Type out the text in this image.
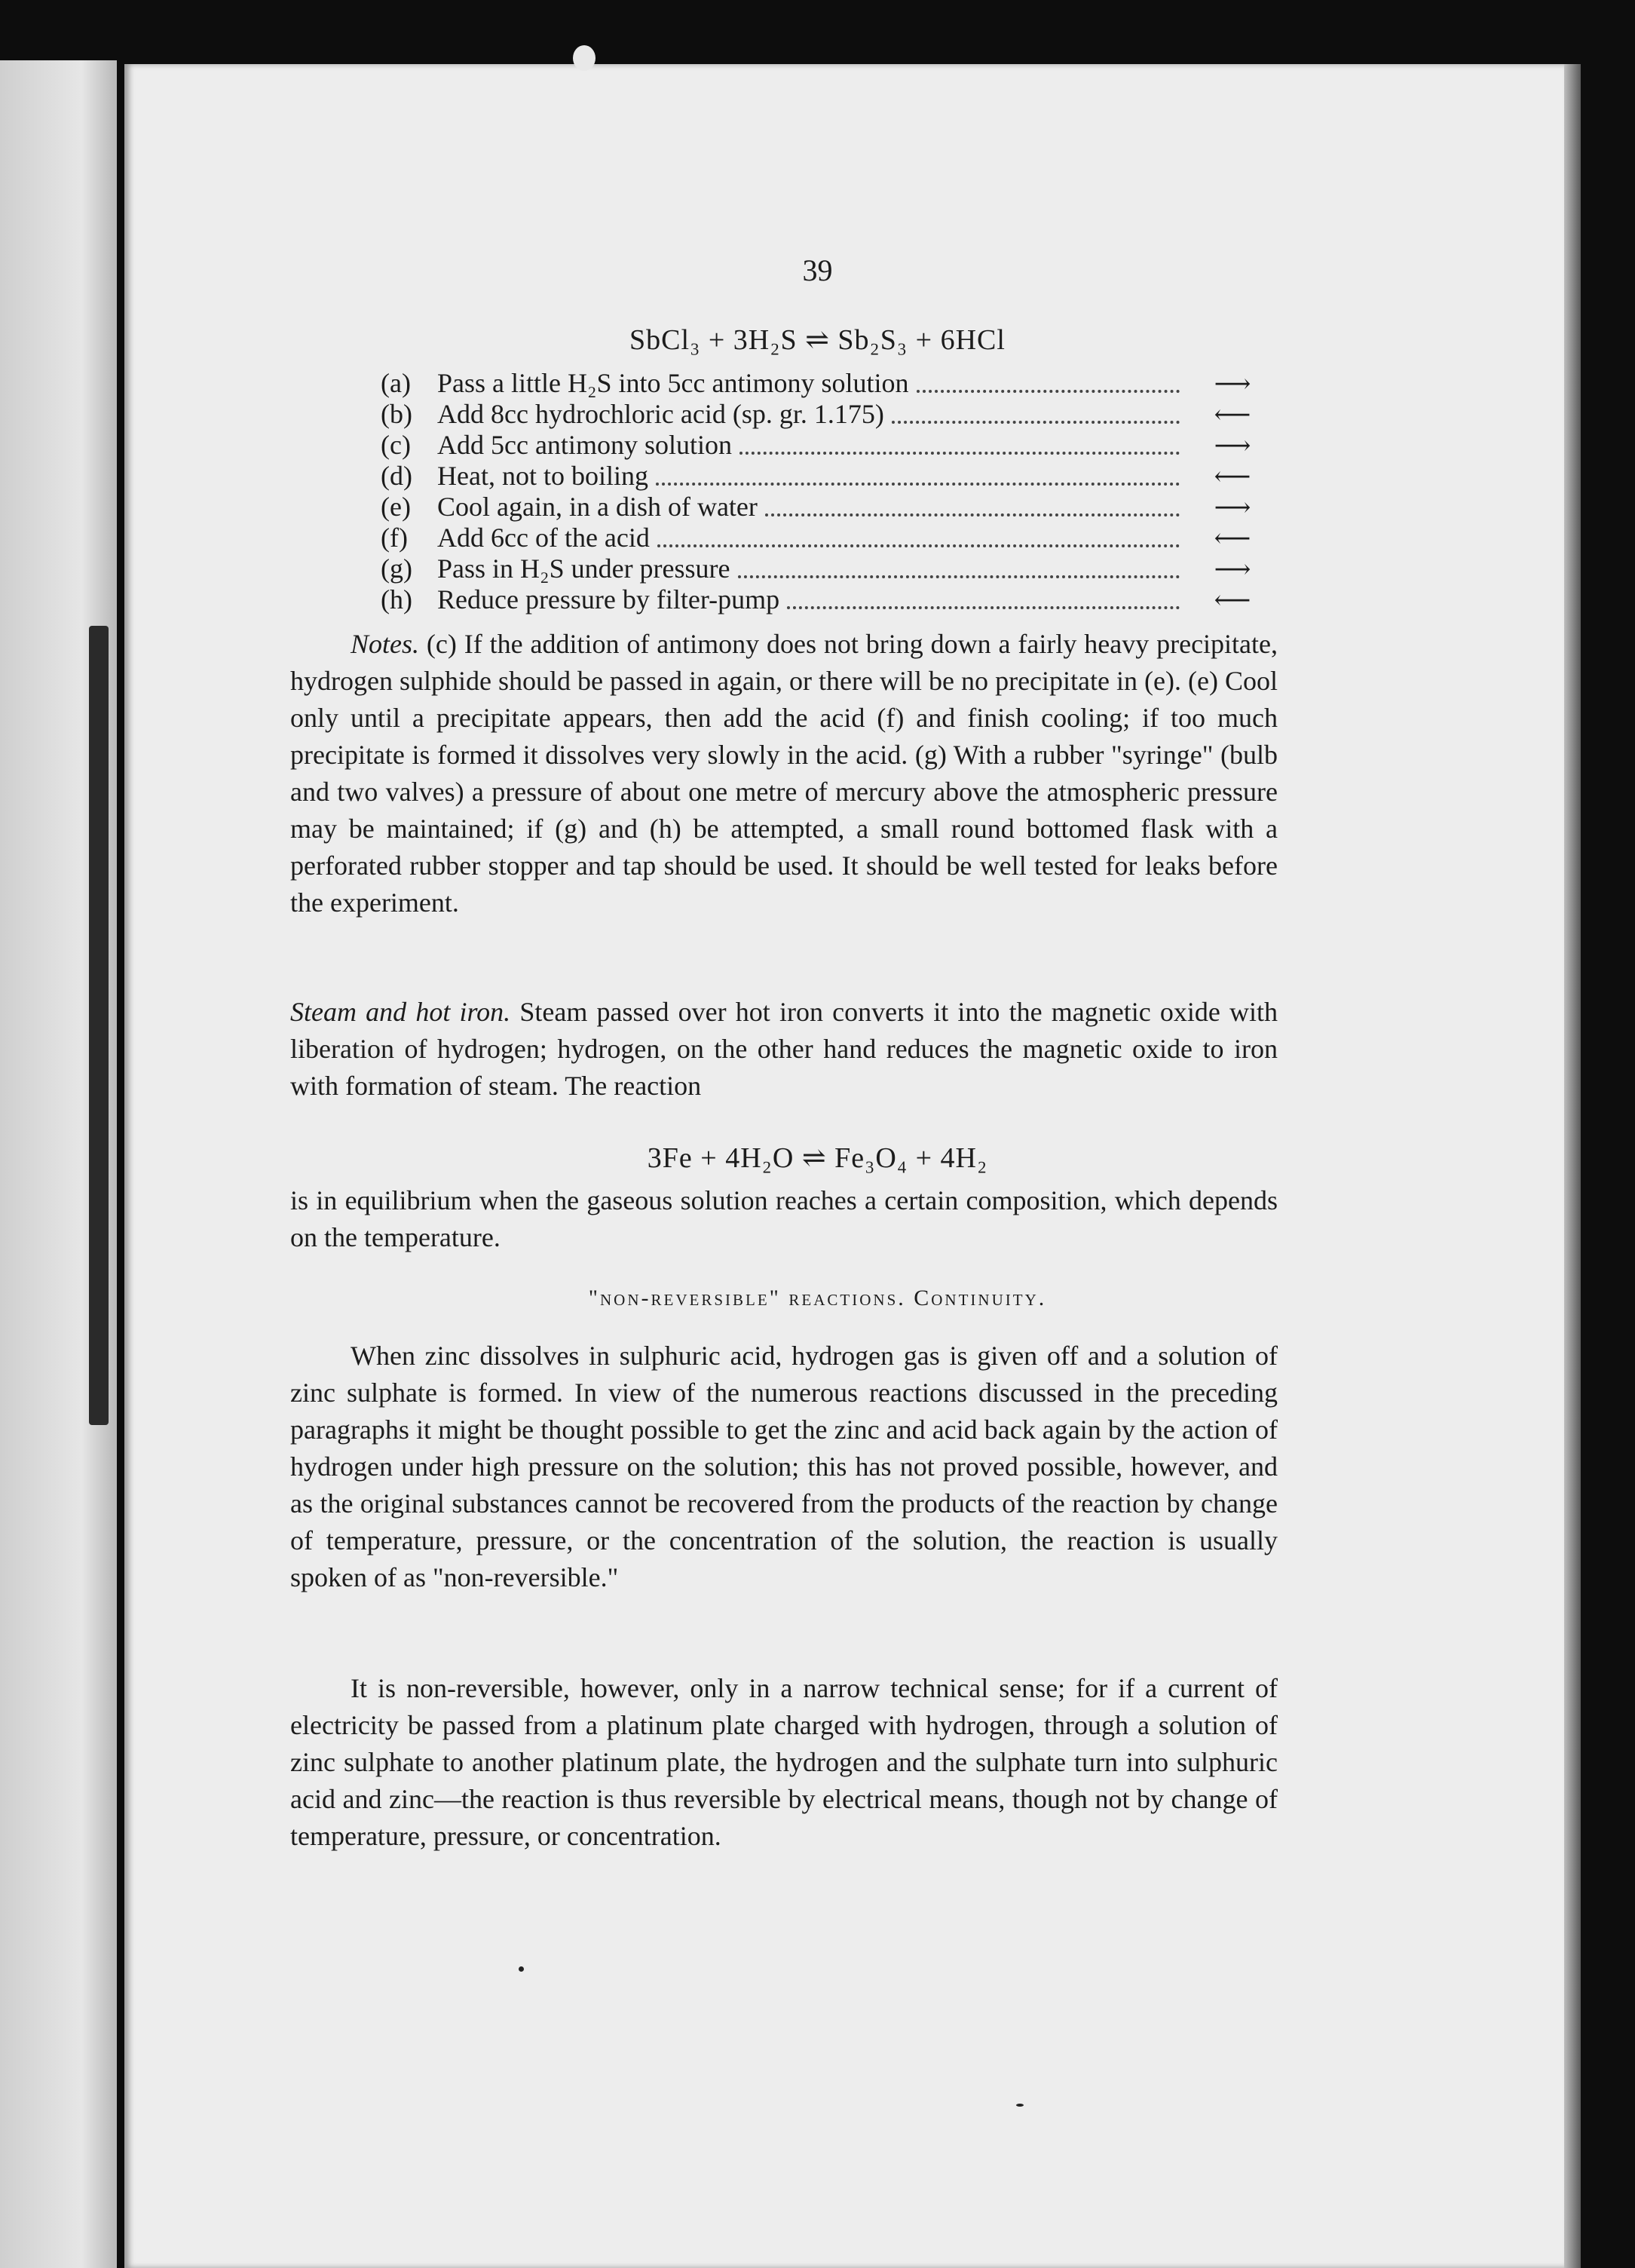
39
SbCl₃ + 3H₂S ⇌ Sb₂S₃ + 6HCl
(a) Pass a little H₂S into 5cc antimony solution	⟶
(b) Add 8cc hydrochloric acid (sp. gr. 1.175)	⟵
(c) Add 5cc antimony solution	⟶
(d) Heat, not to boiling	⟵
(e) Cool again, in a dish of water	⟶
(f)	Add 6cc of the acid	⟵
(g) Pass in H₂S under pressure	⟶
(h) Reduce pressure by filter-pump	⟵
Notes. (c) If the addition of antimony does not bring down a fairly heavy precipitate, hydrogen sulphide should be passed in again, or there will be no precipitate in (e). (e) Cool only until a precipitate appears, then add the acid (f) and finish cooling; if too much precipitate is formed it dissolves very slowly in the acid. (g) With a rubber "syringe" (bulb and two valves) a pressure of about one metre of mercury above the atmospheric pressure may be maintained; if (g) and (h) be attempted, a small round bottomed flask with a perforated rubber stopper and tap should be used. It should be well tested for leaks before the experiment.
Steam and hot iron. Steam passed over hot iron converts it into the magnetic oxide with liberation of hydrogen; hydrogen, on the other hand reduces the magnetic oxide to iron with formation of steam. The reaction
3Fe + 4H₂O ⇌ Fe₃O₄ + 4H₂
is in equilibrium when the gaseous solution reaches a certain composition, which depends on the temperature.
"non-reversible" reactions. Continuity.
When zinc dissolves in sulphuric acid, hydrogen gas is given off and a solution of zinc sulphate is formed. In view of the numerous reactions discussed in the preceding paragraphs it might be thought possible to get the zinc and acid back again by the action of hydrogen under high pressure on the solution; this has not proved possible, however, and as the original substances cannot be recovered from the products of the reaction by change of temperature, pressure, or the concentration of the solution, the reaction is usually spoken of as "non-reversible."
It is non-reversible, however, only in a narrow technical sense; for if a current of electricity be passed from a platinum plate charged with hydrogen, through a solution of zinc sulphate to another platinum plate, the hydrogen and the sulphate turn into sulphuric acid and zinc—the reaction is thus reversible by electrical means, though not by change of temperature, pressure, or concentration.
